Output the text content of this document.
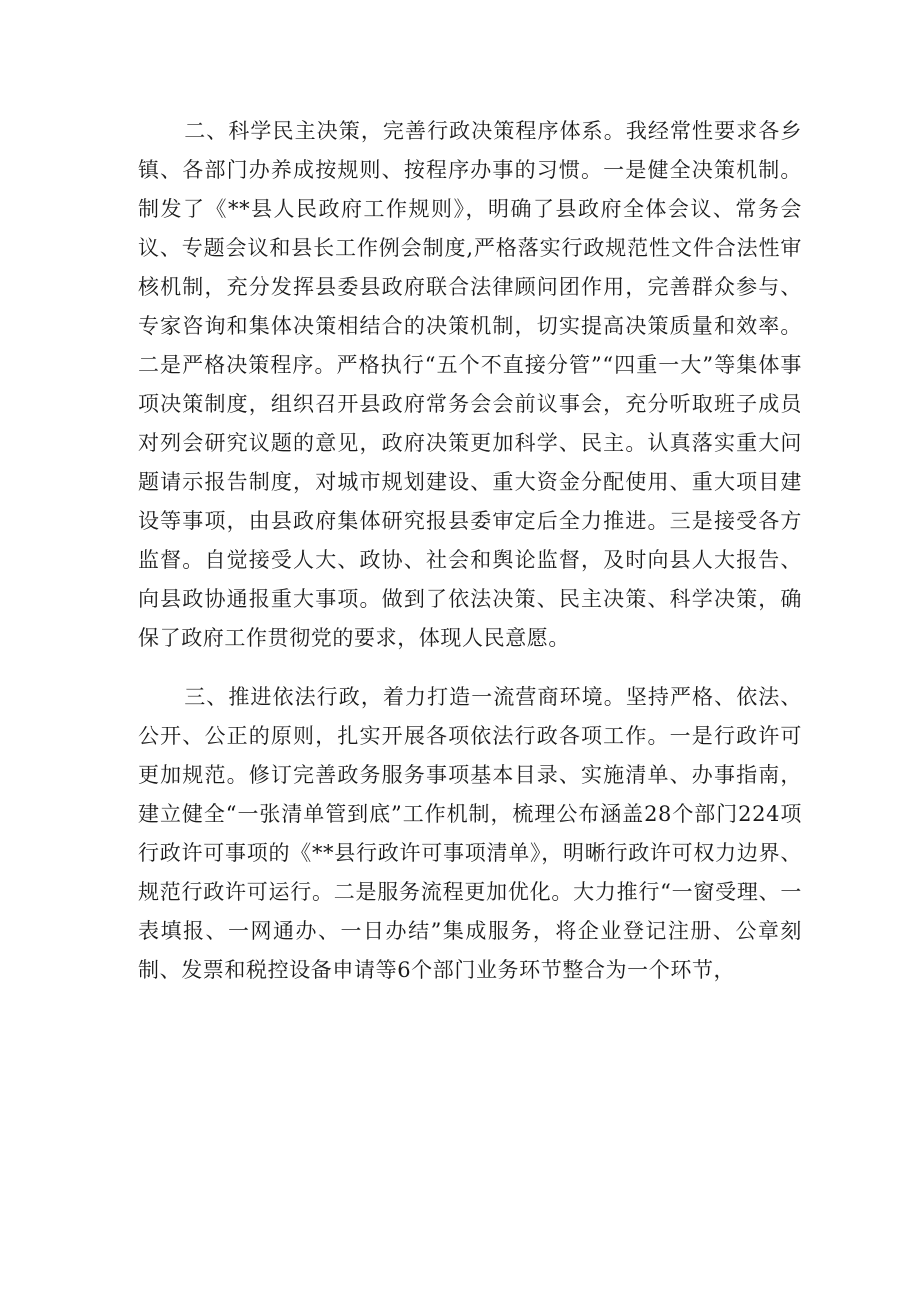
二、科学民主决策，完善行政决策程序体系。我经常性要求各乡镇、各部门办养成按规则、按程序办事的习惯。一是健全决策机制。制发了《**县人民政府工作规则》，明确了县政府全体会议、常务会议、专题会议和县长工作例会制度,严格落实行政规范性文件合法性审核机制，充分发挥县委县政府联合法律顾问团作用，完善群众参与、专家咨询和集体决策相结合的决策机制，切实提高决策质量和效率。二是严格决策程序。严格执行“五个不直接分管”“四重一大”等集体事项决策制度，组织召开县政府常务会会前议事会，充分听取班子成员对列会研究议题的意见，政府决策更加科学、民主。认真落实重大问题请示报告制度，对城市规划建设、重大资金分配使用、重大项目建设等事项，由县政府集体研究报县委审定后全力推进。三是接受各方监督。自觉接受人大、政协、社会和舆论监督，及时向县人大报告、向县政协通报重大事项。做到了依法决策、民主决策、科学决策，确保了政府工作贯彻党的要求，体现人民意愿。

三、推进依法行政，着力打造一流营商环境。坚持严格、依法、公开、公正的原则，扎实开展各项依法行政各项工作。一是行政许可更加规范。修订完善政务服务事项基本目录、实施清单、办事指南，建立健全“一张清单管到底”工作机制，梳理公布涵盖28个部门224项行政许可事项的《**县行政许可事项清单》，明晰行政许可权力边界、规范行政许可运行。二是服务流程更加优化。大力推行“一窗受理、一表填报、一网通办、一日办结”集成服务，将企业登记注册、公章刻制、发票和税控设备申请等6个部门业务环节整合为一个环节，
